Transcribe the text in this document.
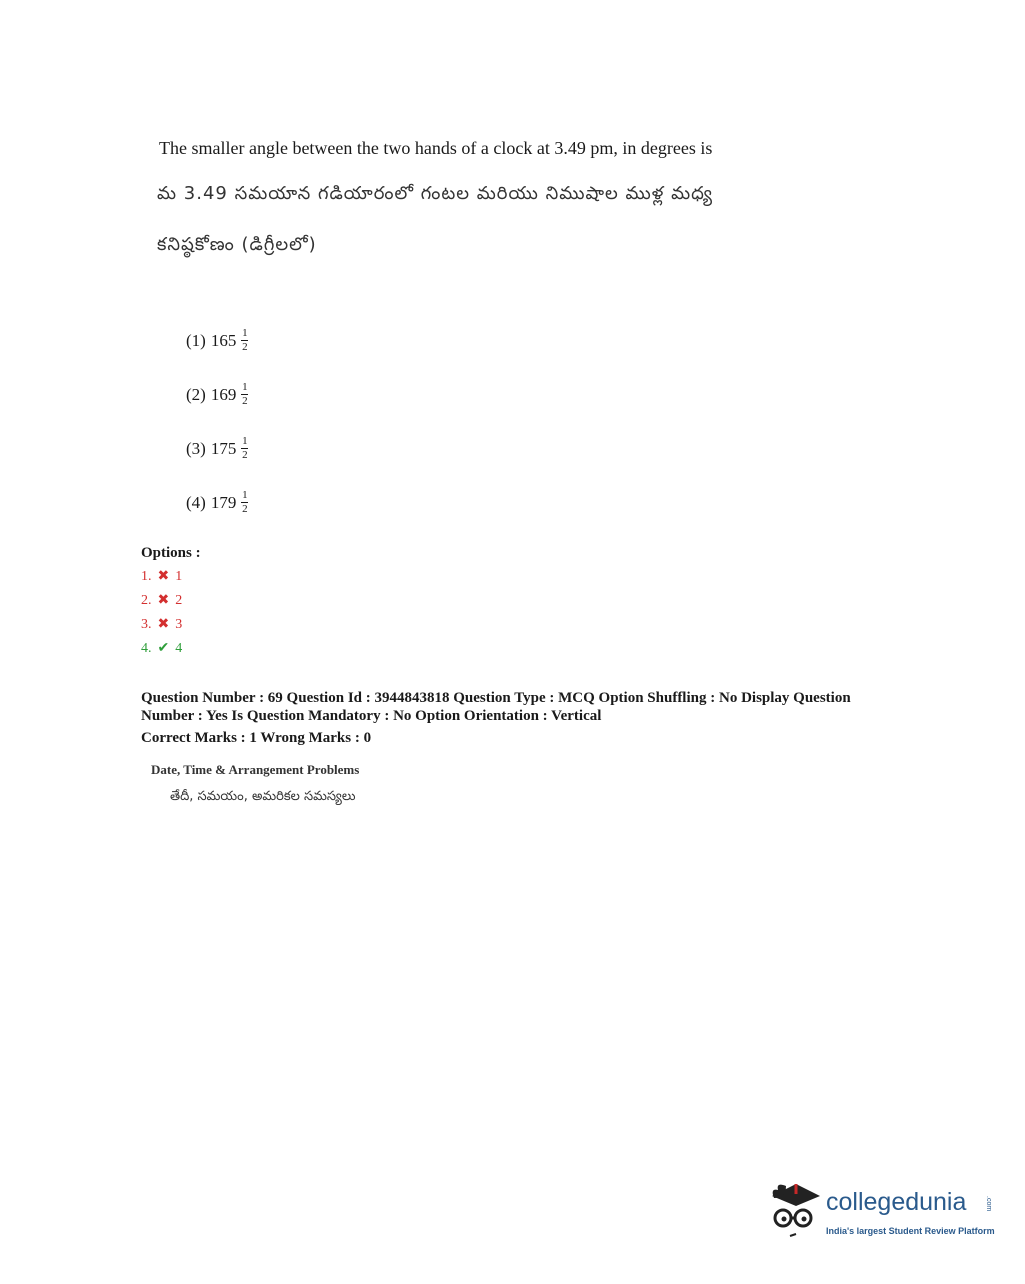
The smaller angle between the two hands of a clock at 3.49 pm, in degrees is
మ 3.49 సమయాన గడియారంలో గంటల మరియు నిముషాల ముళ్ల మధ్య
కనిష్ఠకోణం (డిగ్రీలలో)
(1) $165 \frac{1}{2}$
(2) $169 \frac{1}{2}$
(3) $175 \frac{1}{2}$
(4) $179 \frac{1}{2}$
Options :
1. ✖ 1
2. ✖ 2
3. ✖ 3
4. ✔ 4
Question Number : 69 Question Id : 3944843818 Question Type : MCQ Option Shuffling : No Display Question
Number : Yes Is Question Mandatory : No Option Orientation : Vertical
Correct Marks : 1 Wrong Marks : 0
Date, Time & Arrangement Problems
తేదీ, సమయం, అమరికల సమస్యలు
collegedunia	.com
India's largest Student Review Platform
